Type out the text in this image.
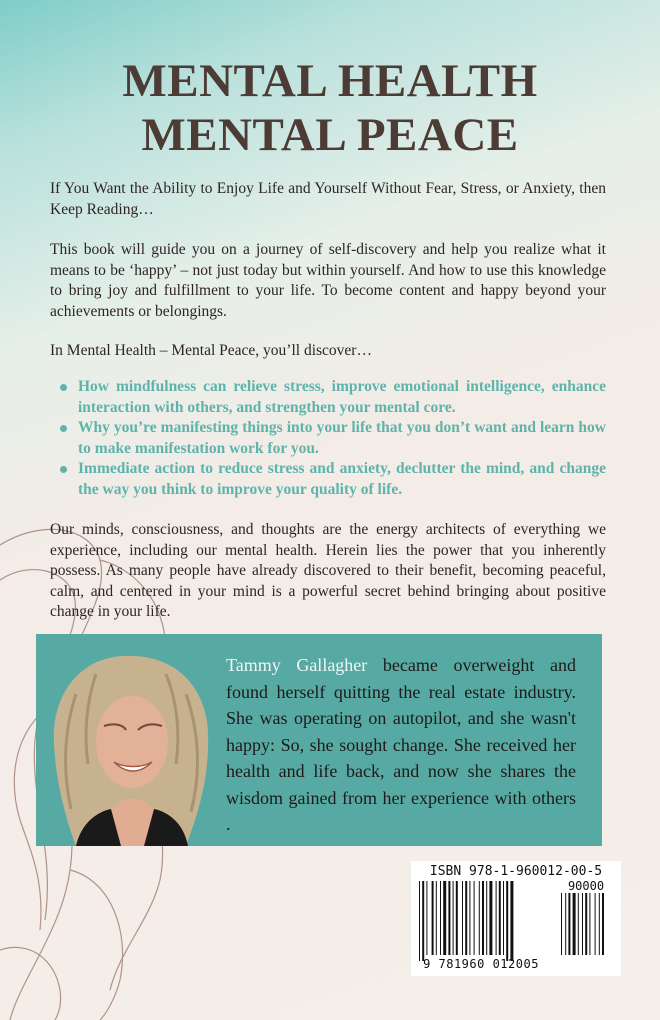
MENTAL HEALTH
MENTAL PEACE

If You Want the Ability to Enjoy Life and Yourself Without Fear, Stress, or Anxiety, then Keep Reading…

This book will guide you on a journey of self-discovery and help you realize what it means to be ‘happy’ – not just today but within yourself. And how to use this knowledge to bring joy and fulfillment to your life. To become content and happy beyond your achievements or belongings.

In Mental Health – Mental Peace, you’ll discover…

How mindfulness can relieve stress, improve emotional intelligence, enhance interaction with others, and strengthen your mental core.
Why you’re manifesting things into your life that you don’t want and learn how to make manifestation work for you.
Immediate action to reduce stress and anxiety, declutter the mind, and change the way you think to improve your quality of life.

Our minds, consciousness, and thoughts are the energy architects of everything we experience, including our mental health. Herein lies the power that you inherently possess. As many people have already discovered to their benefit, becoming peaceful, calm, and centered in your mind is a powerful secret behind bringing about positive change in your life.

Tammy Gallagher became overweight and found herself quitting the real estate industry. She was operating on autopilot, and she wasn't happy: So, she sought change. She received her health and life back, and now she shares the wisdom gained from her experience with others .

ISBN 978-1-960012-00-5
90000
9 781960 012005
